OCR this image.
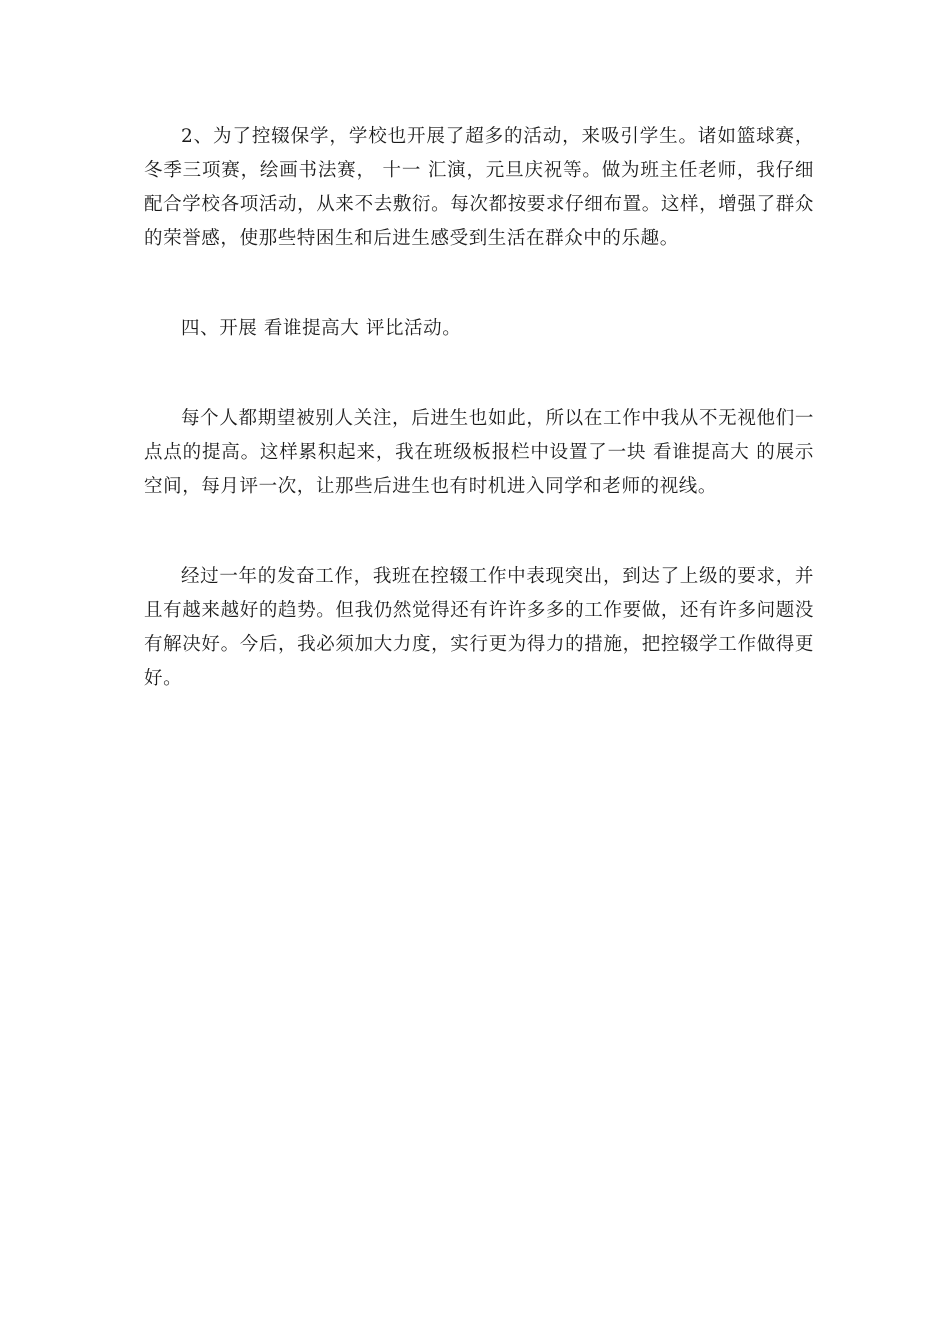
2、为了控辍保学，学校也开展了超多的活动，来吸引学生。诸如篮球赛，冬季三项赛，绘画书法赛， 十一 汇演，元旦庆祝等。做为班主任老师，我仔细配合学校各项活动，从来不去敷衍。每次都按要求仔细布置。这样，增强了群众的荣誉感，使那些特困生和后进生感受到生活在群众中的乐趣。

四、开展 看谁提高大 评比活动。

每个人都期望被别人关注，后进生也如此，所以在工作中我从不无视他们一点点的提高。这样累积起来，我在班级板报栏中设置了一块 看谁提高大 的展示空间，每月评一次，让那些后进生也有时机进入同学和老师的视线。

经过一年的发奋工作，我班在控辍工作中表现突出，到达了上级的要求，并且有越来越好的趋势。但我仍然觉得还有许许多多的工作要做，还有许多问题没有解决好。今后，我必须加大力度，实行更为得力的措施，把控辍学工作做得更好。
